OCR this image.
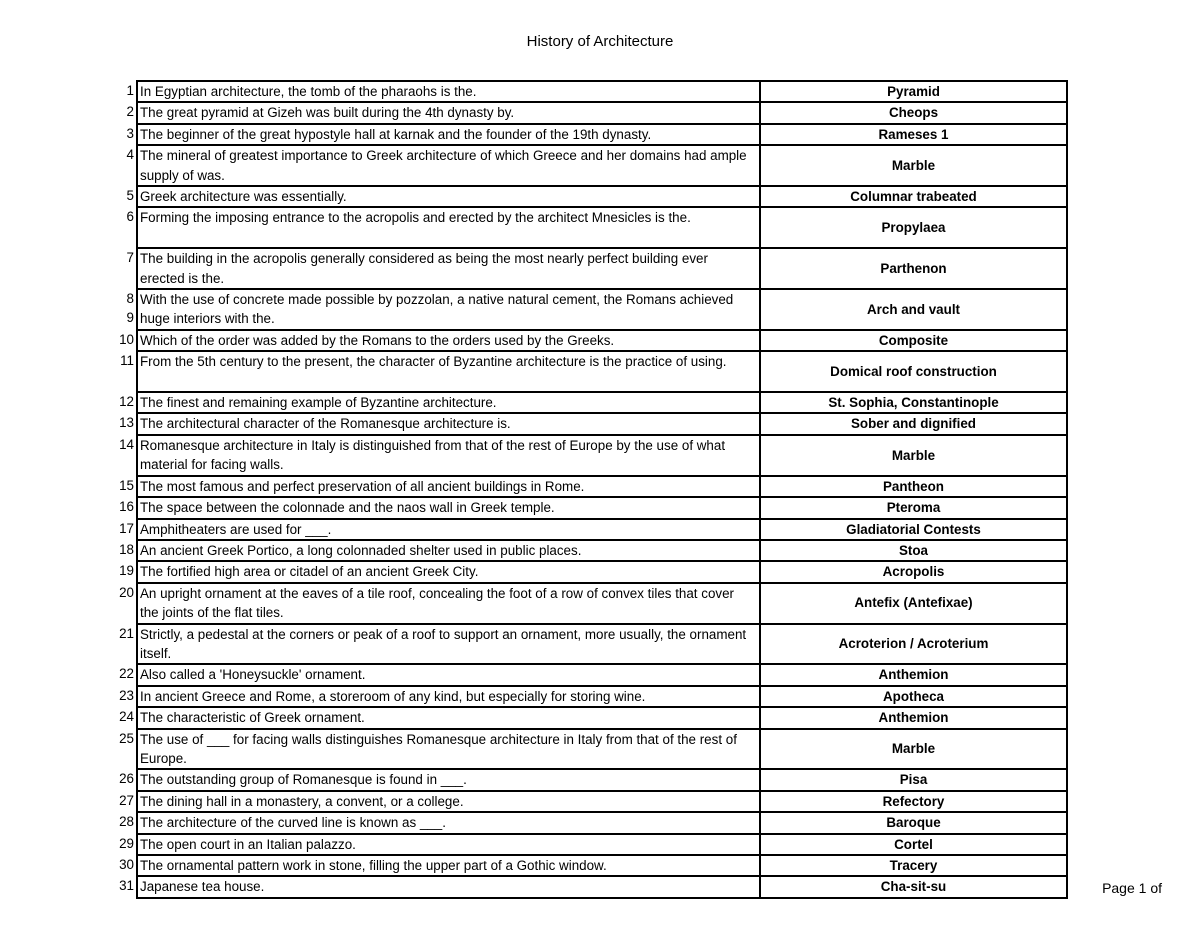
History of Architecture
1	In Egyptian architecture, the tomb of the pharaohs is the.	Pyramid

2	The great pyramid at Gizeh was built during the 4th dynasty by.	Cheops

3	The beginner of the great hypostyle hall at karnak and the founder of the 19th dynasty.	Rameses 1

4	The mineral of greatest importance to Greek architecture of which Greece and her domains had ample supply of was.	Marble

5	Greek architecture was essentially.	Columnar trabeated

6	Forming the imposing entrance to the acropolis and erected by the architect Mnesicles is the.	Propylaea

7	The building in the acropolis generally considered as being the most nearly perfect building ever erected is the.	Parthenon

8
9	With the use of concrete made possible by pozzolan, a native natural cement, the Romans achieved huge interiors with the.	Arch and vault

10	Which of the order was added by the Romans to the orders used by the Greeks.	Composite

11	From the 5th century to the present, the character of Byzantine architecture is the practice of using.	Domical roof construction

12	The finest and remaining example of Byzantine architecture.	St. Sophia, Constantinople

13	The architectural character of the Romanesque architecture is.	Sober and dignified

14	Romanesque architecture in Italy is distinguished from that of the rest of Europe by the use of what material for facing walls.	Marble

15	The most famous and perfect preservation of all ancient buildings in Rome.	Pantheon

16	The space between the colonnade and the naos wall in Greek temple.	Pteroma

17	Amphitheaters are used for ___.	Gladiatorial Contests

18	An ancient Greek Portico, a long colonnaded shelter used in public places.	Stoa

19	The fortified high area or citadel of an ancient Greek City.	Acropolis

20	An upright ornament at the eaves of a tile roof, concealing the foot of a row of convex tiles that cover the joints of the flat tiles.	Antefix (Antefixae)

21	Strictly, a pedestal at the corners or peak of a roof to support an ornament, more usually, the ornament itself.	Acroterion / Acroterium

22	Also called a 'Honeysuckle' ornament.	Anthemion

23	In ancient Greece and Rome, a storeroom of any kind, but especially for storing wine.	Apotheca

24	The characteristic of Greek ornament.	Anthemion

25	The use of ___ for facing walls distinguishes Romanesque architecture in Italy from that of the rest of Europe.	Marble

26	The outstanding group of Romanesque is found in ___.	Pisa

27	The dining hall in a monastery, a convent, or a college.	Refectory

28	The architecture of the curved line is known as ___.	Baroque

29	The open court in an Italian palazzo.	Cortel

30	The ornamental pattern work in stone, filling the upper part of a Gothic window.	Tracery

31	Japanese tea house.	Cha-sit-su	Page 1 of
